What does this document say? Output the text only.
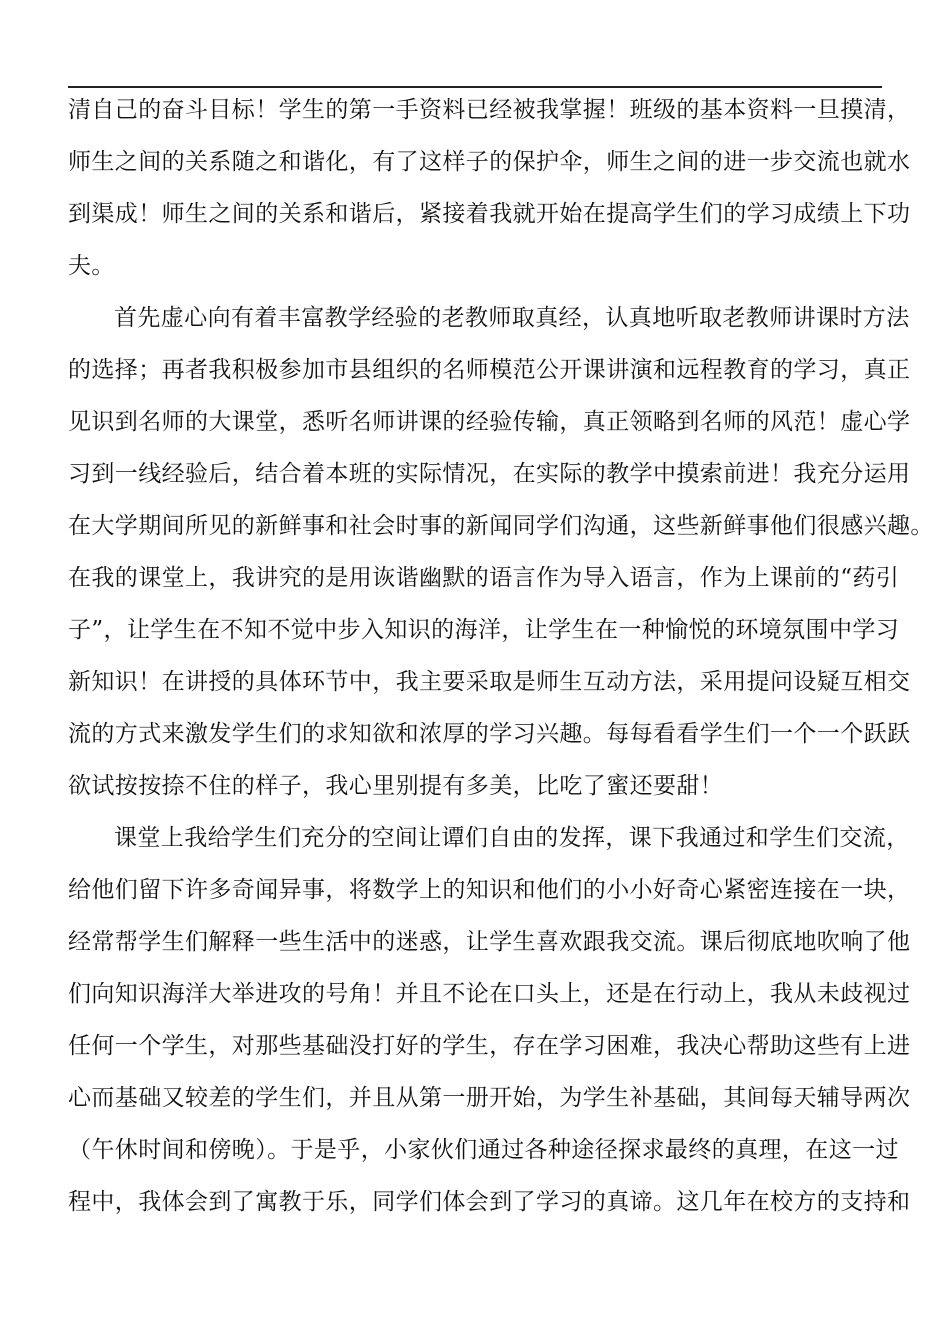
清自己的奋斗目标！学生的第一手资料已经被我掌握！班级的基本资料一旦摸清，
师生之间的关系随之和谐化，有了这样子的保护伞，师生之间的进一步交流也就水
到渠成！师生之间的关系和谐后，紧接着我就开始在提高学生们的学习成绩上下功
夫。
首先虚心向有着丰富教学经验的老教师取真经，认真地听取老教师讲课时方法
的选择；再者我积极参加市县组织的名师模范公开课讲演和远程教育的学习，真正
见识到名师的大课堂，悉听名师讲课的经验传输，真正领略到名师的风范！虚心学
习到一线经验后，结合着本班的实际情况，在实际的教学中摸索前进！我充分运用
在大学期间所见的新鲜事和社会时事的新闻同学们沟通，这些新鲜事他们很感兴趣。
在我的课堂上，我讲究的是用诙谐幽默的语言作为导入语言，作为上课前的“药引
子”，让学生在不知不觉中步入知识的海洋，让学生在一种愉悦的环境氛围中学习
新知识！在讲授的具体环节中，我主要采取是师生互动方法，采用提问设疑互相交
流的方式来激发学生们的求知欲和浓厚的学习兴趣。每每看看学生们一个一个跃跃
欲试按按捺不住的样子，我心里别提有多美，比吃了蜜还要甜！
课堂上我给学生们充分的空间让谭们自由的发挥，课下我通过和学生们交流，
给他们留下许多奇闻异事，将数学上的知识和他们的小小好奇心紧密连接在一块，
经常帮学生们解释一些生活中的迷惑，让学生喜欢跟我交流。课后彻底地吹响了他
们向知识海洋大举进攻的号角！并且不论在口头上，还是在行动上，我从未歧视过
任何一个学生，对那些基础没打好的学生，存在学习困难，我决心帮助这些有上进
心而基础又较差的学生们，并且从第一册开始，为学生补基础，其间每天辅导两次
（午休时间和傍晚）。于是乎，小家伙们通过各种途径探求最终的真理，在这一过
程中，我体会到了寓教于乐，同学们体会到了学习的真谛。这几年在校方的支持和
